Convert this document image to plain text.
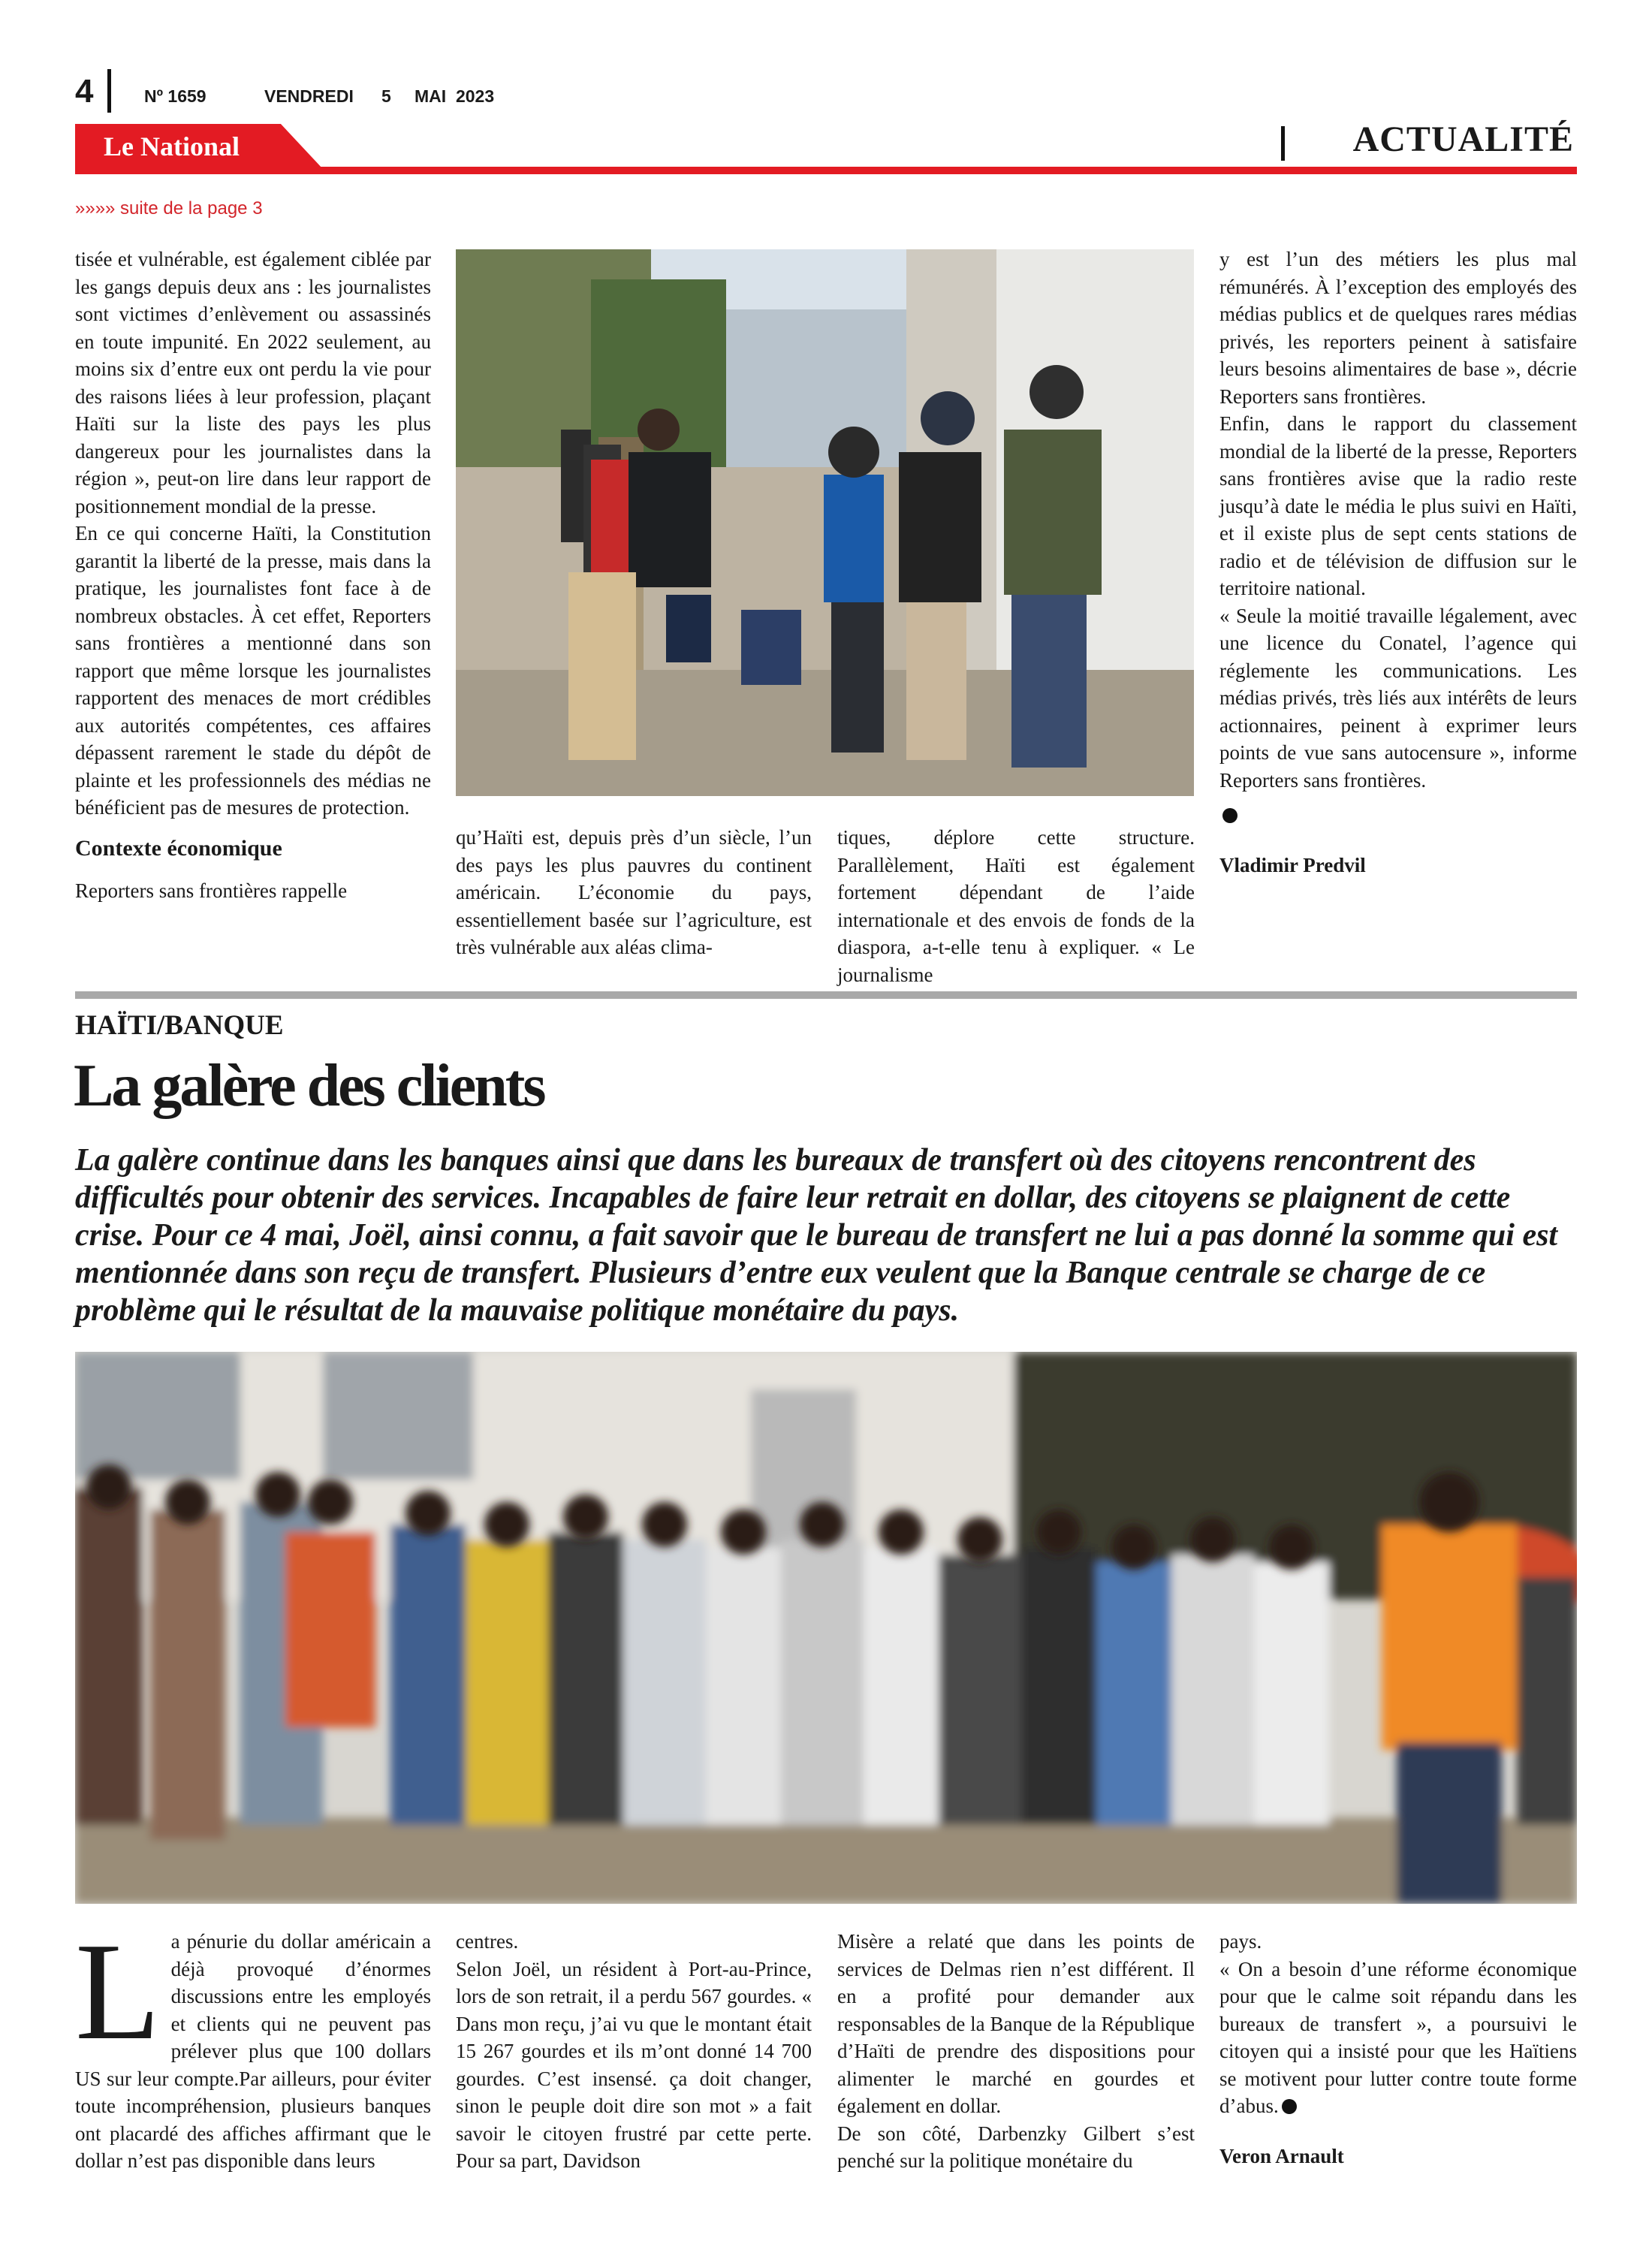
4	Nº 1659	VENDREDI 5 MAI  2023
Le National	ACTUALITÉ
»»»» suite de la page 3

tisée et vulnérable, est également ciblée par les gangs depuis deux ans : les journalistes sont victimes d’enlèvement ou assassinés en toute impunité. En 2022 seulement, au moins six d’entre eux ont perdu la vie pour des raisons liées à leur profession, plaçant Haïti sur la liste des pays les plus dangereux pour les journalistes dans la région », peut-on lire dans leur rapport de positionnement mondial de la presse.

En ce qui concerne Haïti, la Constitution garantit la liberté de la presse, mais dans la pratique, les journalistes font face à de nombreux obstacles. À cet effet, Reporters sans frontières a mentionné dans son rapport que même lorsque les journalistes rapportent des menaces de mort crédibles aux autorités compétentes, ces affaires dépassent rarement le stade du dépôt de plainte et les professionnels des médias ne bénéficient pas de mesures de protection.

Contexte économique

Reporters sans frontières rappelle

qu’Haïti est, depuis près d’un siècle, l’un des pays les plus pauvres du continent américain. L’économie du pays, essentiellement basée sur l’agriculture, est très vulnérable aux aléas clima-

tiques, déplore cette structure. Parallèlement, Haïti est également fortement dépendant de l’aide internationale et des envois de fonds de la diaspora, a-t-elle tenu à expliquer. « Le journalisme

y est l’un des métiers les plus mal rémunérés. À l’exception des employés des médias publics et de quelques rares médias privés, les reporters peinent à satisfaire leurs besoins alimentaires de base », décrie Reporters sans frontières.

Enfin, dans le rapport du classement mondial de la liberté de la presse, Reporters sans frontières avise que la radio reste jusqu’à date le média le plus suivi en Haïti, et il existe plus de sept cents stations de radio et de télévision de diffusion sur le territoire national.

« Seule la moitié travaille légalement, avec une licence du Conatel, l’agence qui réglemente les communications. Les médias privés, très liés aux intérêts de leurs actionnaires, peinent à exprimer leurs points de vue sans autocensure », informe Reporters sans frontières.

Vladimir Predvil

HAÏTI/BANQUE
La galère des clients
La galère continue dans les banques ainsi que dans les bureaux de transfert où des citoyens rencontrent des difficultés pour obtenir des services. Incapables de faire leur retrait en dollar, des citoyens se plaignent de cette crise. Pour ce 4 mai, Joël, ainsi connu, a fait savoir que le bureau de transfert ne lui a pas donné la somme qui est mentionnée dans son reçu de transfert. Plusieurs d’entre eux veulent que la Banque centrale se charge de ce problème qui le résultat de la mauvaise politique monétaire du pays.

L a pénurie du dollar américain a déjà provoqué d’énormes discussions entre les employés et clients qui ne peuvent pas prélever plus que 100 dollars US sur leur compte.Par ailleurs, pour éviter toute incompréhension, plusieurs banques ont placardé des affiches affirmant que le dollar n’est pas disponible dans leurs

centres.

Selon Joël, un résident à Port-au-Prince, lors de son retrait, il a perdu 567 gourdes. « Dans mon reçu, j’ai vu que le montant était 15 267 gourdes et ils m’ont donné 14 700 gourdes. C’est insensé. ça doit changer, sinon le peuple doit dire son mot » a fait savoir le citoyen frustré par cette perte. Pour sa part, Davidson

Misère a relaté que dans les points de services de Delmas rien n’est différent. Il en a profité pour demander aux responsables de la Banque de la République d’Haïti de prendre des dispositions pour alimenter le marché en gourdes et également en dollar.

De son côté, Darbenzky Gilbert s’est penché sur la politique monétaire du

pays.

« On a besoin d’une réforme économique pour que le calme soit répandu dans les bureaux de transfert », a poursuivi le citoyen qui a insisté pour que les Haïtiens se motivent pour lutter contre toute forme d’abus.

Veron Arnault
